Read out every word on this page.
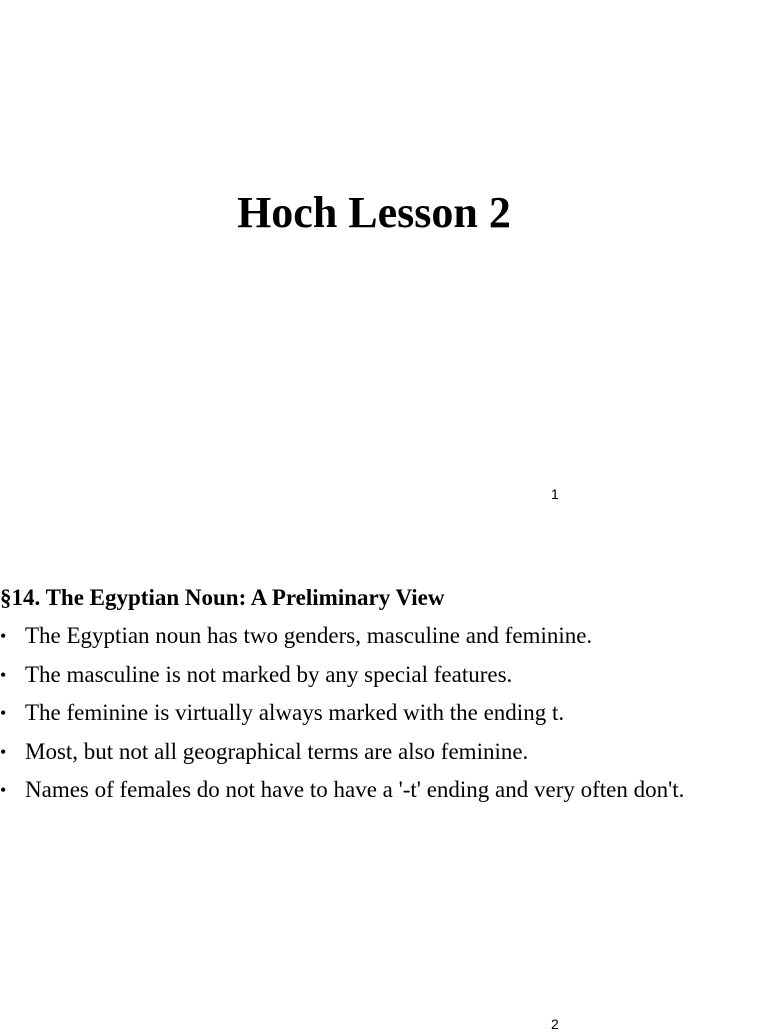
Hoch Lesson 2
1
§14. The Egyptian Noun: A Preliminary View
• The Egyptian noun has two genders, masculine and feminine.
• The masculine is not marked by any special features.
• The feminine is virtually always marked with the ending t.
• Most, but not all geographical terms are also feminine.
• Names of females do not have to have a '-t' ending and very often don't.
2
